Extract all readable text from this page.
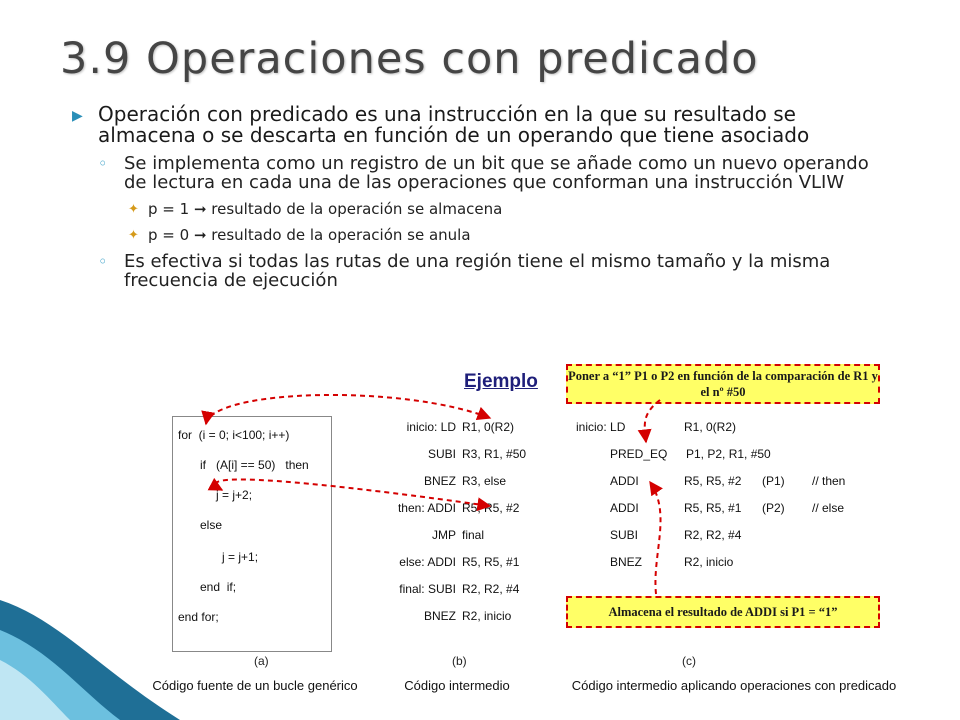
3.9 Operaciones con predicado
▶ Operación con predicado es una instrucción en la que su resultado se almacena o se descarta en función de un operando que tiene asociado
◦ Se implementa como un registro de un bit que se añade como un nuevo operando de lectura en cada una de las operaciones que conforman una instrucción VLIW
✦ p = 1 ➞ resultado de la operación se almacena
✦ p = 0 ➞ resultado de la operación se anula
◦ Es efectiva si todas las rutas de una región tiene el mismo tamaño y la misma frecuencia de ejecución
Ejemplo Poner a “1” P1 o P2 en función de la comparación de R1 y el nº #50
Almacena el resultado de ADDI si P1 = “1”
for  (i = 0; i<100; i++)
if   (A[i] == 50)   then
j = j+2;
else
j = j+1;
end  if;
end for;
inicio: LD R1, 0(R2)
SUBI R3, R1, #50
BNEZ R3, else
then: ADDI R5, R5, #2
JMP final
else: ADDI R5, R5, #1
final: SUBI R2, R2, #4
BNEZ R2, inicio
inicio: LD	R1, 0(R2)
PRED_EQ P1, P2, R1, #50
ADDI	R5, R5, #2 (P1) // then
ADDI	R5, R5, #1 (P2) // else
SUBI	R2, R2, #4
BNEZ	R2, inicio
(a)	(b)	(c)
Código fuente de un bucle genérico	Código intermedio	Código intermedio aplicando operaciones con predicado
